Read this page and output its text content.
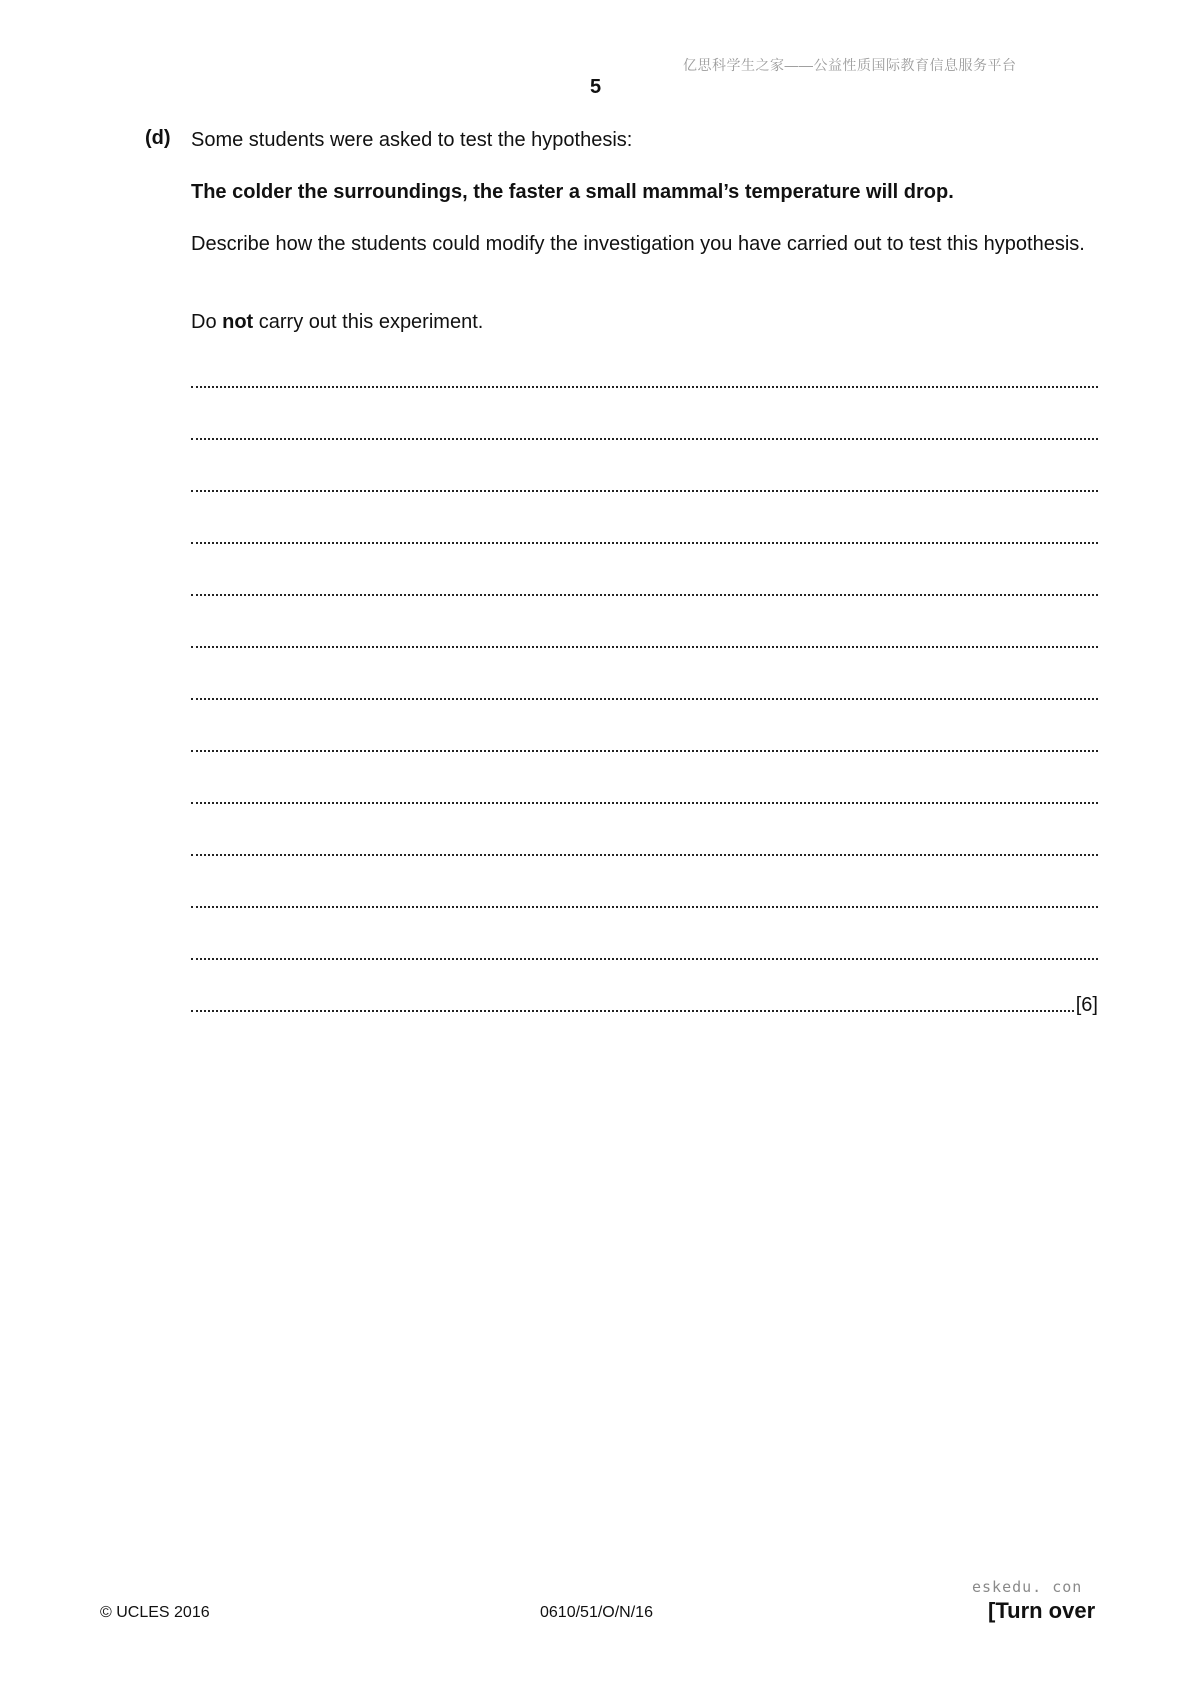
亿思科学生之家——公益性质国际教育信息服务平台
5
(d) Some students were asked to test the hypothesis:
The colder the surroundings, the faster a small mammal’s temperature will drop.
Describe how the students could modify the investigation you have carried out to test this hypothesis.
Do not carry out this experiment.
[6]
eskedu. con
© UCLES 2016	0610/51/O/N/16	[Turn over
